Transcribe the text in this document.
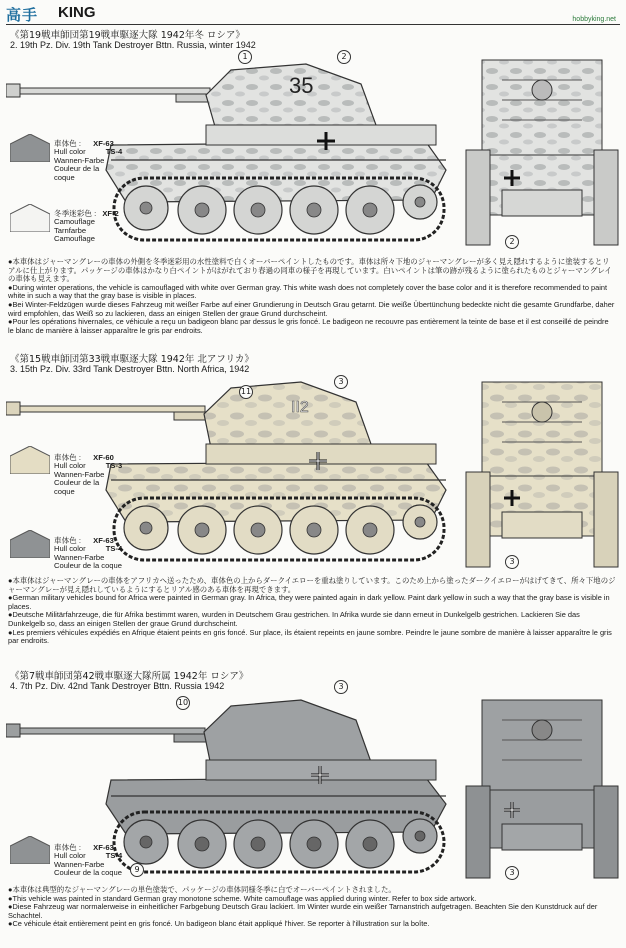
高手 KING	hobbyking.net
《第19戦車師団第19戦車駆逐大隊 1942年冬 ロシア》
2. 19th Pz. Div. 19th Tank Destroyer Bttn. Russia, winter 1942
35
1	2
2
車体色 : XF-63
Hull color	TS-4
Wannen-Farbe
Couleur de la
coque
冬季迷彩色 : XF-2
Camouflage
Tarnfarbe
Camouflage

●本車体はジャーマングレーの車体の外側を冬季迷彩用の水性塗料で白くオーバーペイントしたものです。車体は所々下地のジャーマングレーが多く見え隠れするように塗装するとリアルに仕上がります。パッケージの車体はかなり白ペイントがはがれており春過の同車の様子を再現しています。白いペイントは筆の跡が残るように塗られたものとジャーマングレイの車体も見えます。

●During winter operations, the vehicle is camouflaged with white over German gray. This white wash does not completely cover the base color and it is therefore recommended to paint white in such a way that the gray base is visible in places.

●Bei Winter-Feldzügen wurde dieses Fahrzeug mit weißer Farbe auf einer Grundierung in Deutsch Grau getarnt. Die weiße Übertünchung bedeckte nicht die gesamte Grundfarbe, daher wird empfohlen, das Weiß so zu lackieren, dass an einigen Stellen der graue Grund durchscheint.

●Pour les opérations hivernales, ce véhicule a reçu un badigeon blanc par dessus le gris foncé. Le badigeon ne recouvre pas entièrement la teinte de base et il est conseillé de peindre le blanc de manière à laisser apparaître le gris par endroits.

《第15戦車師団第33戦車駆逐大隊 1942年 北アフリカ》
3. 15th Pz. Div. 33rd Tank Destroyer Bttn. North Africa, 1942
II2
11
3
3
車体色 : XF-60
Hull color	TS-3
Wannen-Farbe
Couleur de la
coque
車体色 : XF-63
Hull color	TS-4
Wannen-Farbe
Couleur de la coque

●本車体はジャーマングレーの車体をアフリカへ送ったため、車体色の上からダークイエローを重ね塗りしています。このため上から塗ったダークイエローがはげてきて、所々下地のジャーマングレーが見え隠れしているようにするとリアル感のある車体を再現できます。

●German military vehicles bound for Africa were painted in German gray. In Africa, they were painted again in dark yellow. Paint dark yellow in such a way that the gray base is visible in places.

●Deutsche Militärfahrzeuge, die für Afrika bestimmt waren, wurden in Deutschem Grau gestrichen. In Afrika wurde sie dann erneut in Dunkelgelb gestrichen. Lackieren Sie das Dunkelgelb so, dass an einigen Stellen der graue Grund durchscheint.

●Les premiers véhicules expédiés en Afrique étaient peints en gris foncé. Sur place, ils étaient repeints en jaune sombre. Peindre le jaune sombre de manière à laisser apparaître le gris par endroits.

《第7戦車師団第42戦車駆逐大隊所属 1942年 ロシア》
4. 7th Pz. Div. 42nd Tank Destroyer Bttn. Russia 1942
10
9
3
3
車体色 : XF-63
Hull color	TS-4
Wannen-Farbe
Couleur de la coque

●本車体は典型的なジャーマングレーの単色塗装で、パッケージの車体同様冬季に白でオーバーペイントされました。

●This vehicle was painted in standard German gray monotone scheme. White camouflage was applied during winter. Refer to box side artwork.

●Diese Fahrzeug war normalerweise in einheitlicher Farbgebung Deutsch Grau lackiert. Im Winter wurde ein weißer Tarnanstrich aufgetragen. Beachten Sie den Kunstdruck auf der Schachtel.

●Ce véhicule était entièrement peint en gris foncé. Un badigeon blanc était appliqué l'hiver. Se reporter à l'illustration sur la boîte.
